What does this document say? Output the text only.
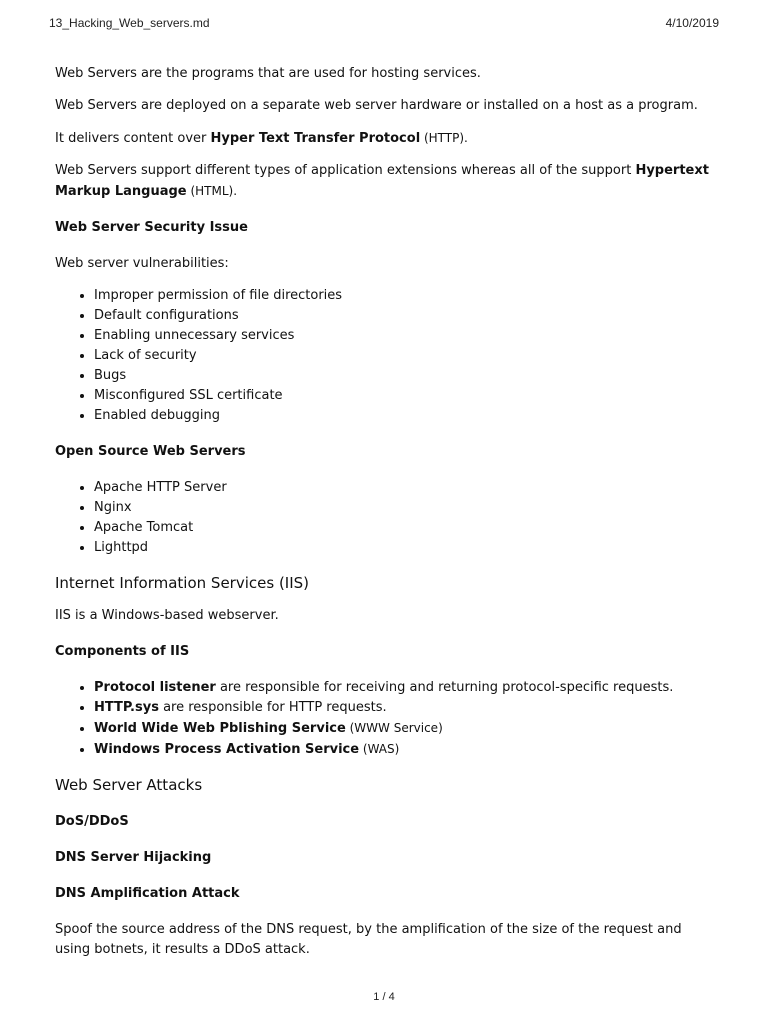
13_Hacking_Web_servers.md	4/10/2019

Web Servers are the programs that are used for hosting services.

Web Servers are deployed on a separate web server hardware or installed on a host as a program.

It delivers content over Hyper Text Transfer Protocol (HTTP).

Web Servers support different types of application extensions whereas all of the support Hypertext Markup Language (HTML).

Web Server Security Issue

Web server vulnerabilities:

• Improper permission of file directories
• Default configurations
• Enabling unnecessary services
• Lack of security
• Bugs
• Misconfigured SSL certificate
• Enabled debugging
Open Source Web Servers
• Apache HTTP Server
• Nginx
• Apache Tomcat
• Lighttpd
Internet Information Services (IIS)

IIS is a Windows-based webserver.

Components of IIS
• Protocol listener are responsible for receiving and returning protocol-specific requests.
• HTTP.sys are responsible for HTTP requests.
• World Wide Web Pblishing Service (WWW Service)
• Windows Process Activation Service (WAS)
Web Server Attacks
DoS/DDoS
DNS Server Hijacking
DNS Amplification Attack

Spoof the source address of the DNS request, by the amplification of the size of the request and using botnets, it results a DDoS attack.

1 / 4
